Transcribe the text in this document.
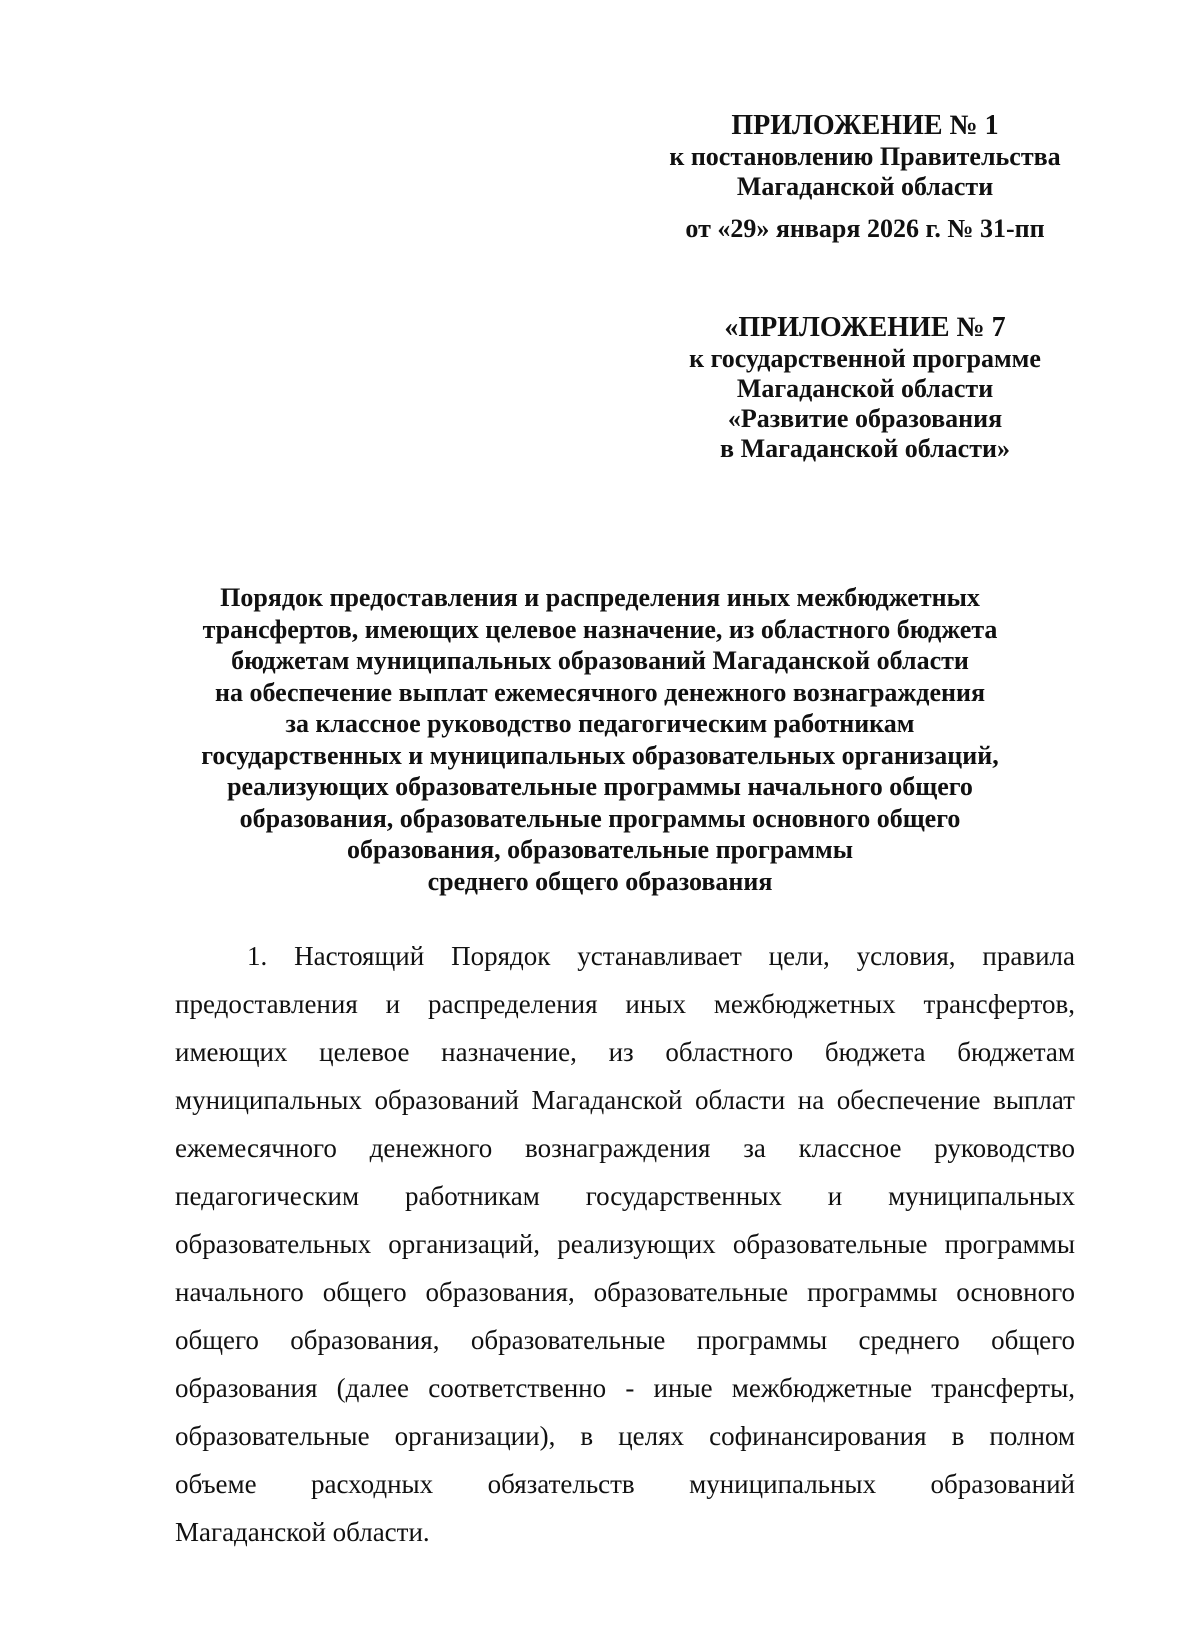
ПРИЛОЖЕНИЕ № 1
к постановлению Правительства
Магаданской области
от «29» января 2026 г. № 31-пп
«ПРИЛОЖЕНИЕ № 7
к государственной программе
Магаданской области
«Развитие образования
в Магаданской области»
Порядок предоставления и распределения иных межбюджетных
трансфертов, имеющих целевое назначение, из областного бюджета
бюджетам муниципальных образований Магаданской области
на обеспечение выплат ежемесячного денежного вознаграждения
за классное руководство педагогическим работникам
государственных и муниципальных образовательных организаций,
реализующих образовательные программы начального общего
образования, образовательные программы основного общего
образования, образовательные программы
среднего общего образования
1. Настоящий Порядок устанавливает цели, условия, правила
предоставления и распределения иных межбюджетных трансфертов,
имеющих целевое назначение, из областного бюджета бюджетам
муниципальных образований Магаданской области на обеспечение выплат
ежемесячного денежного вознаграждения за классное руководство
педагогическим работникам государственных и муниципальных
образовательных организаций, реализующих образовательные программы
начального общего образования, образовательные программы основного
общего образования, образовательные программы среднего общего
образования (далее соответственно - иные межбюджетные трансферты,
образовательные организации), в целях софинансирования в полном
объеме расходных обязательств муниципальных образований
Магаданской области.
